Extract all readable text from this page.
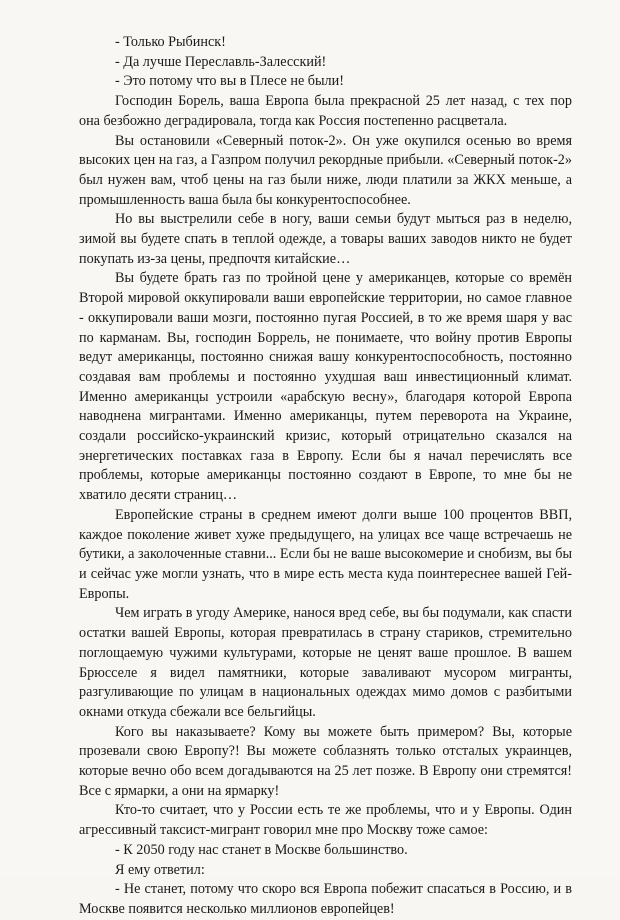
- Только Рыбинск!

- Да лучше Переславль-Залесский!

- Это потому что вы в Плесе не были!

Господин Борель, ваша Европа была прекрасной 25 лет назад, с тех пор она безбожно деградировала, тогда как Россия постепенно расцветала.

Вы остановили «Северный поток-2». Он уже окупился осенью во время высоких цен на газ, а Газпром получил рекордные прибыли. «Северный поток-2» был нужен вам, чтоб цены на газ были ниже, люди платили за ЖКХ меньше, а промышленность ваша была бы конкурентоспособнее.

Но вы выстрелили себе в ногу, ваши семьи будут мыться раз в неделю, зимой вы будете спать в теплой одежде, а товары ваших заводов никто не будет покупать из-за цены, предпочтя китайские…

Вы будете брать газ по тройной цене у американцев, которые со времён Второй мировой оккупировали ваши европейские территории, но самое главное - оккупировали ваши мозги, постоянно пугая Россией, в то же время шаря у вас по карманам. Вы, господин Боррель, не понимаете, что войну против Европы ведут американцы, постоянно снижая вашу конкурентоспособность, постоянно создавая вам проблемы и постоянно ухудшая ваш инвестиционный климат. Именно американцы устроили «арабскую весну», благодаря которой Европа наводнена мигрантами. Именно американцы, путем переворота на Украине, создали российско-украинский кризис, который отрицательно сказался на энергетических поставках газа в Европу. Если бы я начал перечислять все проблемы, которые американцы постоянно создают в Европе, то мне бы не хватило десяти страниц…

Европейские страны в среднем имеют долги выше 100 процентов ВВП, каждое поколение живет хуже предыдущего, на улицах все чаще встречаешь не бутики, а заколоченные ставни... Если бы не ваше высокомерие и снобизм, вы бы и сейчас уже могли узнать, что в мире есть места куда поинтереснеe вашей Гей-Европы.

Чем играть в угоду Америке, нанося вред себе, вы бы подумали, как спасти остатки вашей Европы, которая превратилась в страну стариков, стремительно поглощаемую чужими культурами, которые не ценят ваше прошлое. В вашем Брюсселе я видел памятники, которые заваливают мусором мигранты, разгуливающие по улицам в национальных одеждах мимо домов с разбитыми окнами откуда сбежали все бельгийцы.

Кого вы наказываете? Кому вы можете быть примером? Вы, которые прозевали свою Европу?! Вы можете соблазнять только отсталых украинцев, которые вечно обо всем догадываются на 25 лет позже. В Европу они стремятся! Все с ярмарки, а они на ярмарку!

Кто-то считает, что у России есть те же проблемы, что и у Европы. Один агрессивный таксист-мигрант говорил мне про Москву тоже самое:

- К 2050 году нас станет в Москве большинство.

Я ему ответил:

- Не станет, потому что скоро вся Европа побежит спасаться в Россию, и в Москве появится несколько миллионов европейцев!
